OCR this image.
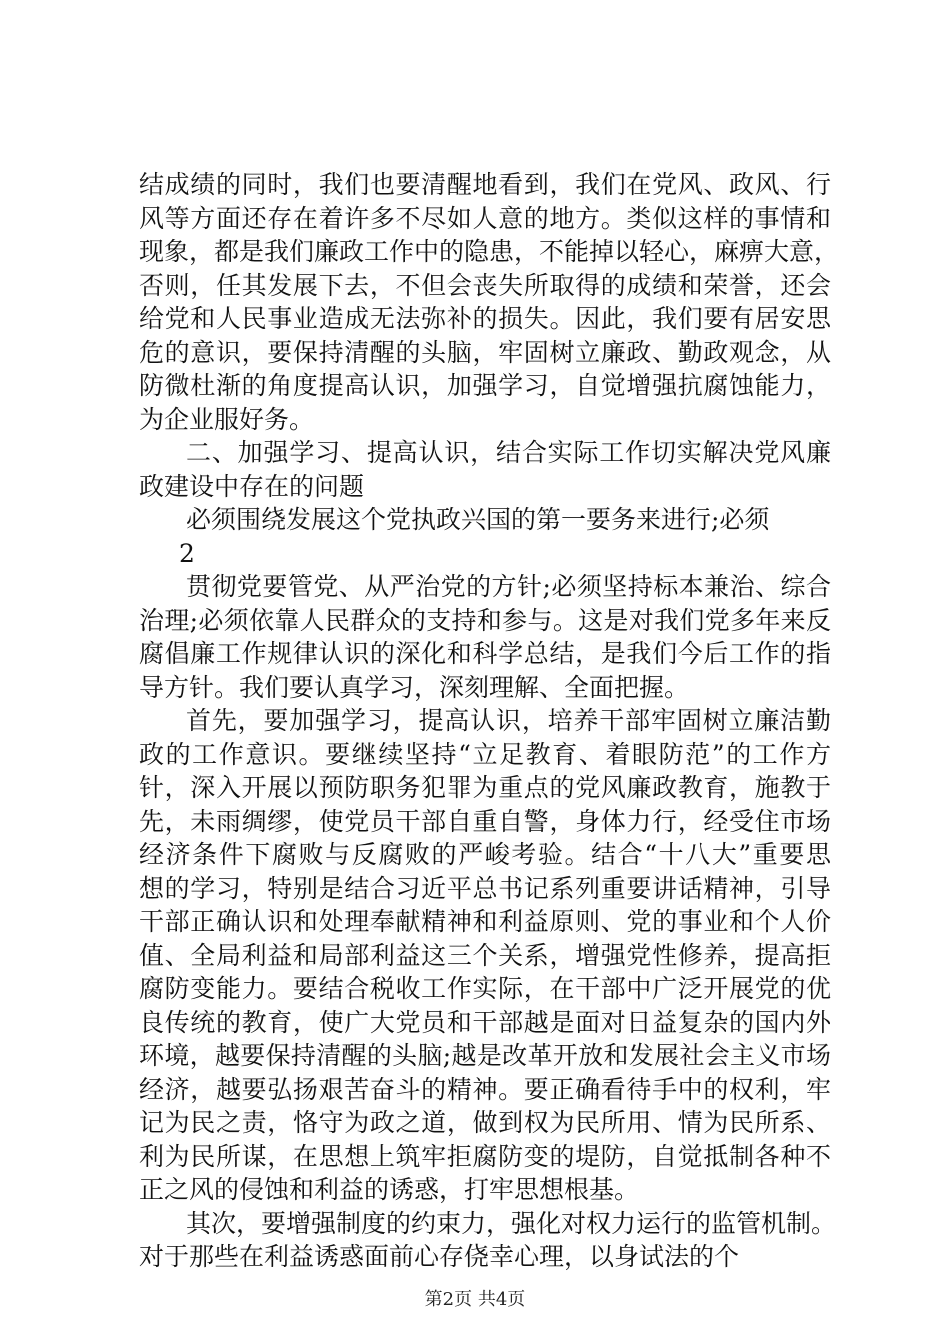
结成绩的同时，我们也要清醒地看到，我们在党风、政风、行
风等方面还存在着许多不尽如人意的地方。类似这样的事情和
现象，都是我们廉政工作中的隐患，不能掉以轻心，麻痹大意，
否则，任其发展下去，不但会丧失所取得的成绩和荣誉，还会
给党和人民事业造成无法弥补的损失。因此，我们要有居安思
危的意识，要保持清醒的头脑，牢固树立廉政、勤政观念，从
防微杜渐的角度提高认识，加强学习，自觉增强抗腐蚀能力，
为企业服好务。
二、加强学习、提高认识，结合实际工作切实解决党风廉
政建设中存在的问题
必须围绕发展这个党执政兴国的第一要务来进行;必须
2
贯彻党要管党、从严治党的方针;必须坚持标本兼治、综合
治理;必须依靠人民群众的支持和参与。这是对我们党多年来反
腐倡廉工作规律认识的深化和科学总结，是我们今后工作的指
导方针。我们要认真学习，深刻理解、全面把握。
首先，要加强学习，提高认识，培养干部牢固树立廉洁勤
政的工作意识。要继续坚持“立足教育、着眼防范”的工作方
针，深入开展以预防职务犯罪为重点的党风廉政教育，施教于
先，未雨绸缪，使党员干部自重自警，身体力行，经受住市场
经济条件下腐败与反腐败的严峻考验。结合“十八大”重要思
想的学习，特别是结合习近平总书记系列重要讲话精神，引导
干部正确认识和处理奉献精神和利益原则、党的事业和个人价
值、全局利益和局部利益这三个关系，增强党性修养，提高拒
腐防变能力。要结合税收工作实际，在干部中广泛开展党的优
良传统的教育，使广大党员和干部越是面对日益复杂的国内外
环境，越要保持清醒的头脑;越是改革开放和发展社会主义市场
经济，越要弘扬艰苦奋斗的精神。要正确看待手中的权利，牢
记为民之责，恪守为政之道，做到权为民所用、情为民所系、
利为民所谋，在思想上筑牢拒腐防变的堤防，自觉抵制各种不
正之风的侵蚀和利益的诱惑，打牢思想根基。
其次，要增强制度的约束力，强化对权力运行的监管机制。
对于那些在利益诱惑面前心存侥幸心理，以身试法的个
第2页 共4页
